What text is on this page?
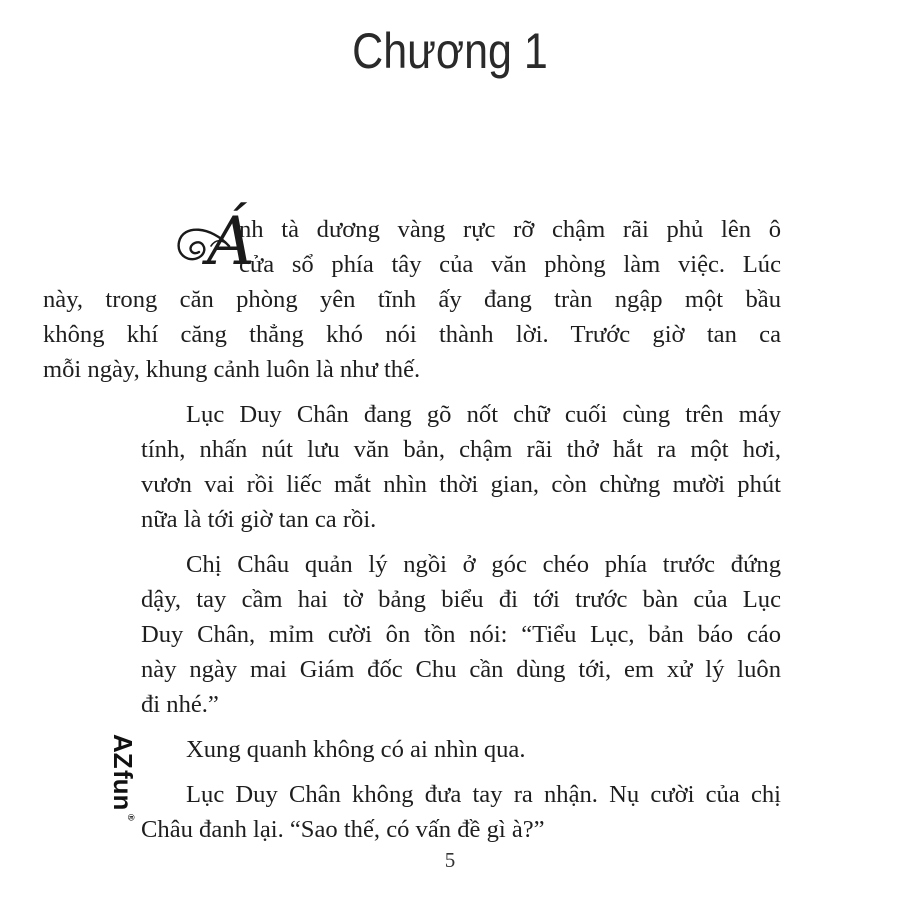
Chương 1
Á
nh tà dương vàng rực rỡ chậm rãi phủ lên ô
cửa sổ phía tây của văn phòng làm việc. Lúc
này, trong căn phòng yên tĩnh ấy đang tràn ngập một bầu
không khí căng thẳng khó nói thành lời. Trước giờ tan ca
mỗi ngày, khung cảnh luôn là như thế.
Lục Duy Chân đang gõ nốt chữ cuối cùng trên máy
tính, nhấn nút lưu văn bản, chậm rãi thở hắt ra một hơi,
vươn vai rồi liếc mắt nhìn thời gian, còn chừng mười phút
nữa là tới giờ tan ca rồi.
Chị Châu quản lý ngồi ở góc chéo phía trước đứng
dậy, tay cầm hai tờ bảng biểu đi tới trước bàn của Lục
Duy Chân, mỉm cười ôn tồn nói: “Tiểu Lục, bản báo cáo
này ngày mai Giám đốc Chu cần dùng tới, em xử lý luôn
đi nhé.”
Xung quanh không có ai nhìn qua.
Lục Duy Chân không đưa tay ra nhận. Nụ cười của chị
Châu đanh lại. “Sao thế, có vấn đề gì à?”
AZ
fun
®
5
